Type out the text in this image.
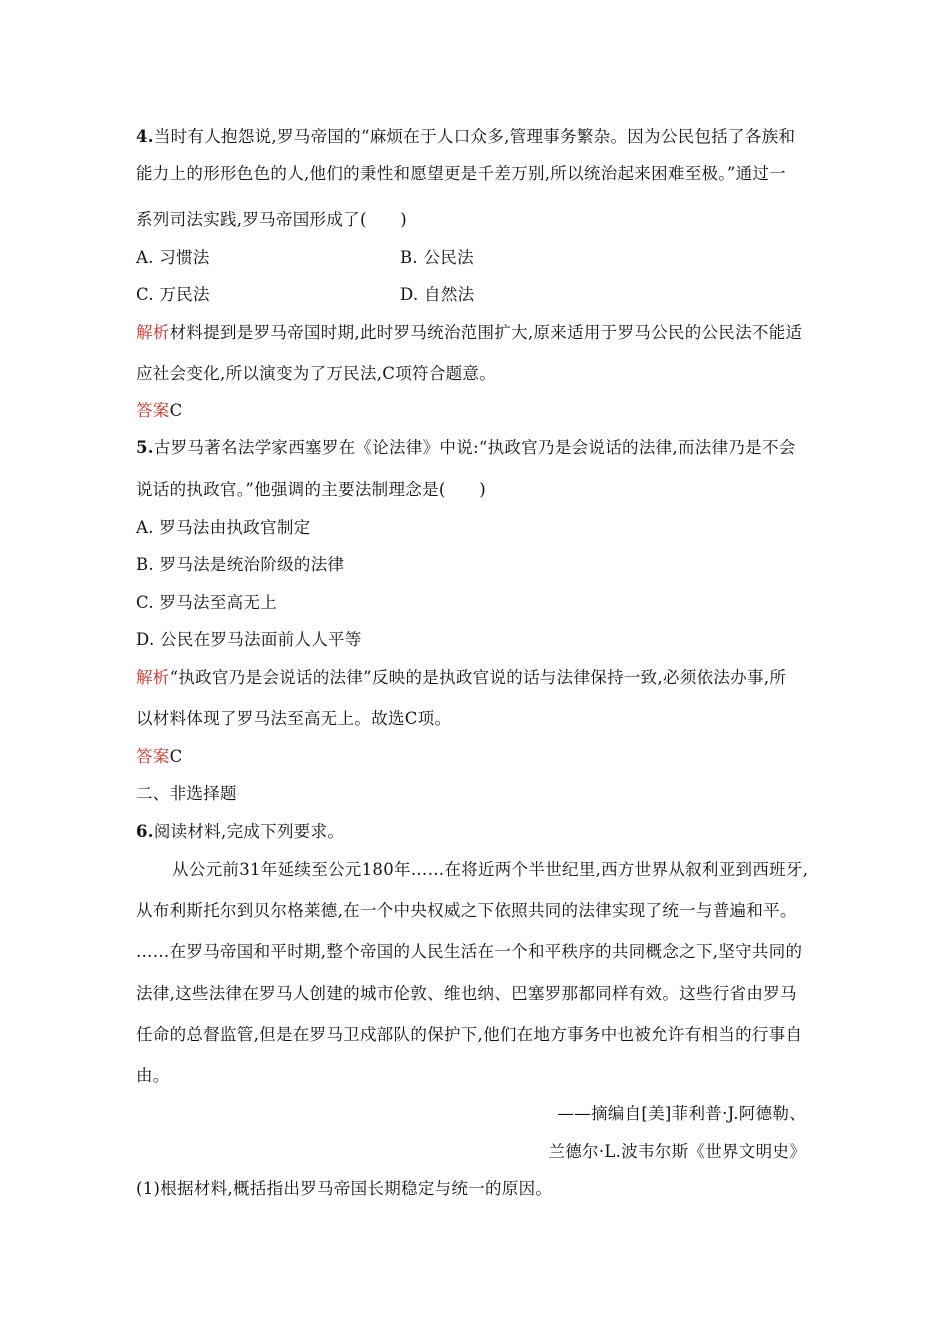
4.当时有人抱怨说,罗马帝国的“麻烦在于人口众多,管理事务繁杂。因为公民包括了各族和
能力上的形形色色的人,他们的秉性和愿望更是千差万别,所以统治起来困难至极。”通过一
系列司法实践,罗马帝国形成了(　　)
A. 习惯法	B. 公民法
C. 万民法	D. 自然法
解析材料提到是罗马帝国时期,此时罗马统治范围扩大,原来适用于罗马公民的公民法不能适
应社会变化,所以演变为了万民法,C项符合题意。
答案C
5.古罗马著名法学家西塞罗在《论法律》中说:“执政官乃是会说话的法律,而法律乃是不会
说话的执政官。”他强调的主要法制理念是(　　)
A. 罗马法由执政官制定
B. 罗马法是统治阶级的法律
C. 罗马法至高无上
D. 公民在罗马法面前人人平等
解析“执政官乃是会说话的法律”反映的是执政官说的话与法律保持一致,必须依法办事,所
以材料体现了罗马法至高无上。故选C项。
答案C
二、非选择题
6.阅读材料,完成下列要求。
从公元前31年延续至公元180年……在将近两个半世纪里,西方世界从叙利亚到西班牙,
从布利斯托尔到贝尔格莱德,在一个中央权威之下依照共同的法律实现了统一与普遍和平。
……在罗马帝国和平时期,整个帝国的人民生活在一个和平秩序的共同概念之下,坚守共同的
法律,这些法律在罗马人创建的城市伦敦、维也纳、巴塞罗那都同样有效。这些行省由罗马
任命的总督监管,但是在罗马卫戍部队的保护下,他们在地方事务中也被允许有相当的行事自
由。
——摘编自[美]菲利普·J.阿德勒、
兰德尔·L.波韦尔斯《世界文明史》
(1)根据材料,概括指出罗马帝国长期稳定与统一的原因。
